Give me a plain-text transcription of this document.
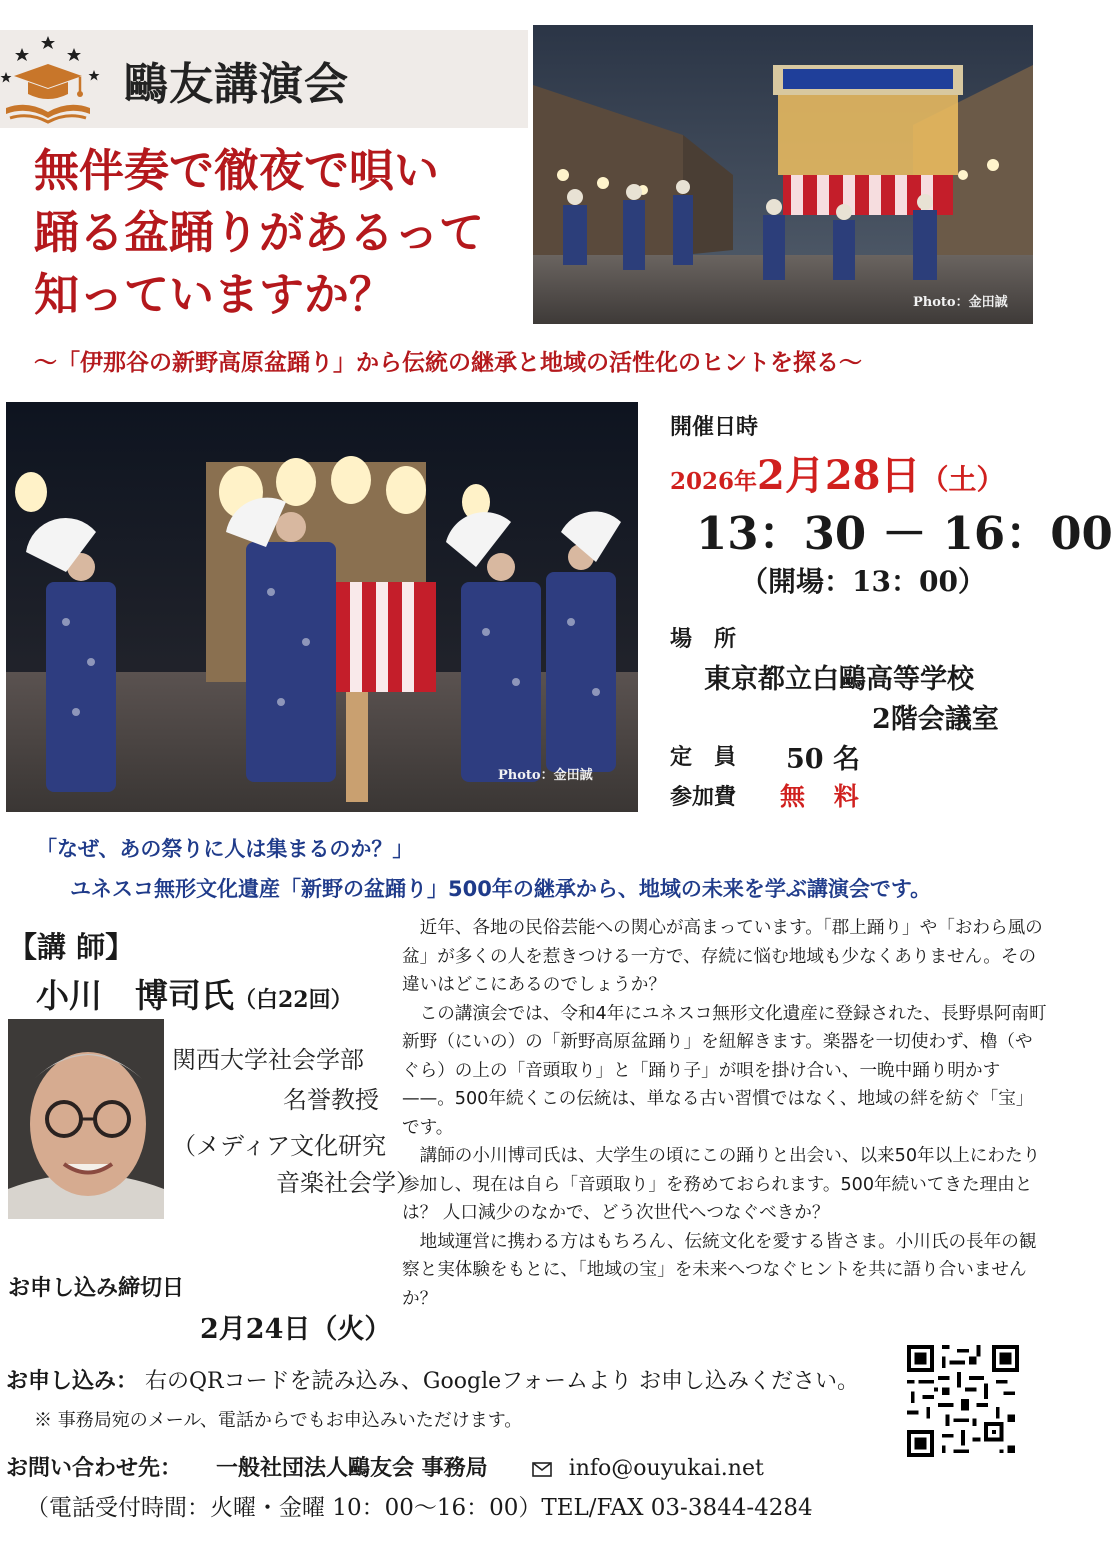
鷗友講演会
無伴奏で徹夜で唄い
踊る盆踊りがあるって
知っていますか？	Photo：金田誠
～「伊那谷の新野高原盆踊り」から伝統の継承と地域の活性化のヒントを探る～
Photo：金田誠
開催日時
2026年2月28日（土）
13：30 － 16：00
（開場：13：00）
場　所
東京都立白鷗高等学校
2階会議室
定　員 50 名
参加費 無 料
「なぜ、あの祭りに人は集まるのか？」
ユネスコ無形文化遺産「新野の盆踊り」500年の継承から、地域の未来を学ぶ講演会です。
【講 師】
小川　博司氏（白22回）
関西大学社会学部
名誉教授
（メディア文化研究
音楽社会学）

近年、各地の民俗芸能への関心が高まっています。「郡上踊り」や「おわら風の盆」が多くの人を惹きつける一方で、存続に悩む地域も少なくありません。その違いはどこにあるのでしょうか？

この講演会では、令和4年にユネスコ無形文化遺産に登録された、長野県阿南町新野（にいの）の「新野高原盆踊り」を紐解きます。楽器を一切使わず、櫓（やぐら）の上の「音頭取り」と「踊り子」が唄を掛け合い、一晩中踊り明かす——。500年続くこの伝統は、単なる古い習慣ではなく、地域の絆を紡ぐ「宝」です。

講師の小川博司氏は、大学生の頃にこの踊りと出会い、以来50年以上にわたり参加し、現在は自ら「音頭取り」を務めておられます。500年続いてきた理由とは？ 人口減少のなかで、どう次世代へつなぐべきか？

地域運営に携わる方はもちろん、伝統文化を愛する皆さま。小川氏の長年の観察と実体験をもとに、「地域の宝」を未来へつなぐヒントを共に語り合いませんか？

お申し込み締切日
2月24日（火）
お申し込み： 右のQRコードを読み込み、Googleフォームより お申し込みください。
※ 事務局宛のメール、電話からでもお申込みいただけます。
お問い合わせ先： 一般社団法人鷗友会 事務局	info@ouyukai.net
（電話受付時間：火曜・金曜 10：00～16：00）TEL/FAX 03-3844-4284
